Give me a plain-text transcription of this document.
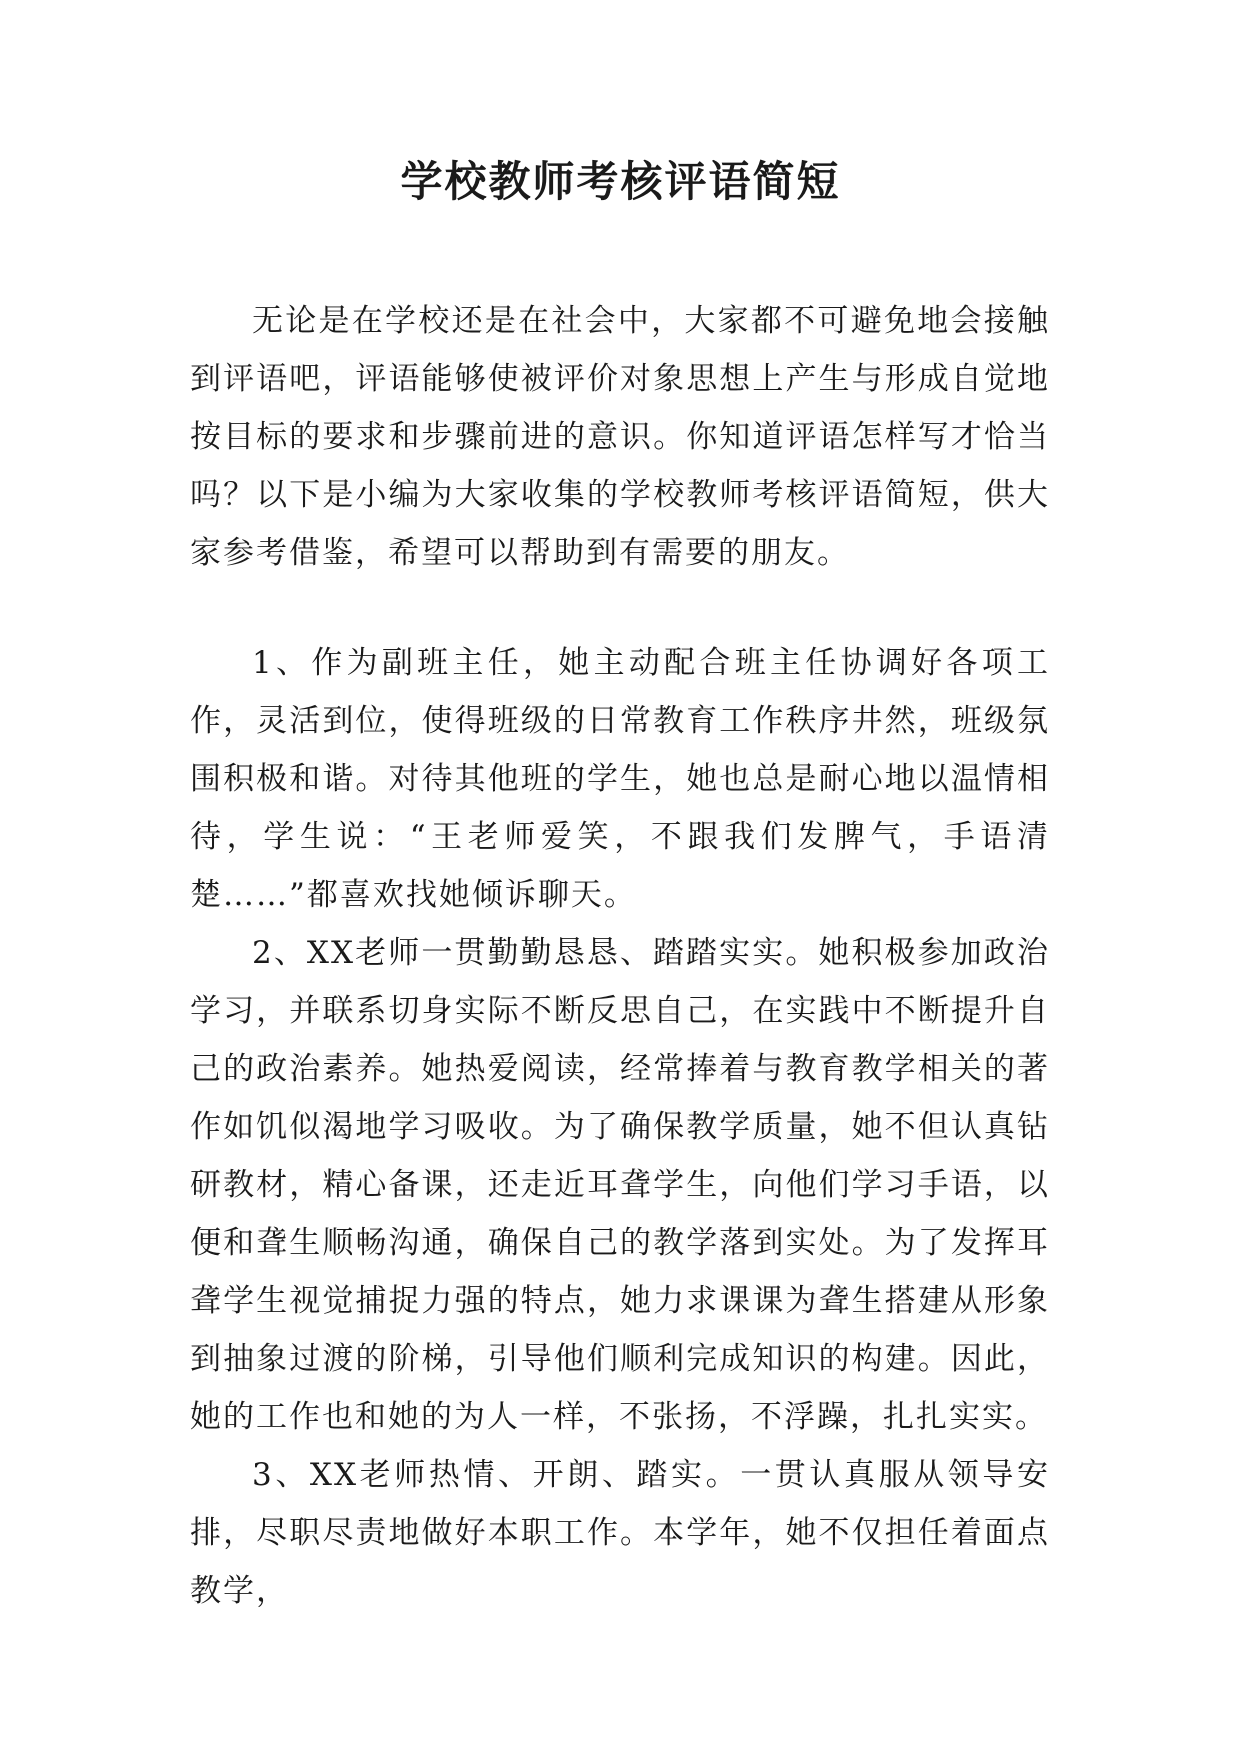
学校教师考核评语简短

无论是在学校还是在社会中，大家都不可避免地会接触到评语吧，评语能够使被评价对象思想上产生与形成自觉地按目标的要求和步骤前进的意识。你知道评语怎样写才恰当吗？以下是小编为大家收集的学校教师考核评语简短，供大家参考借鉴，希望可以帮助到有需要的朋友。

1、作为副班主任，她主动配合班主任协调好各项工作，灵活到位，使得班级的日常教育工作秩序井然，班级氛围积极和谐。对待其他班的学生，她也总是耐心地以温情相待，学生说：“王老师爱笑，不跟我们发脾气，手语清楚……”都喜欢找她倾诉聊天。

2、XX老师一贯勤勤恳恳、踏踏实实。她积极参加政治学习，并联系切身实际不断反思自己，在实践中不断提升自己的政治素养。她热爱阅读，经常捧着与教育教学相关的著作如饥似渴地学习吸收。为了确保教学质量，她不但认真钻研教材，精心备课，还走近耳聋学生，向他们学习手语，以便和聋生顺畅沟通，确保自己的教学落到实处。为了发挥耳聋学生视觉捕捉力强的特点，她力求课课为聋生搭建从形象到抽象过渡的阶梯，引导他们顺利完成知识的构建。因此，她的工作也和她的为人一样，不张扬，不浮躁，扎扎实实。

3、XX老师热情、开朗、踏实。一贯认真服从领导安排，尽职尽责地做好本职工作。本学年，她不仅担任着面点教学，
